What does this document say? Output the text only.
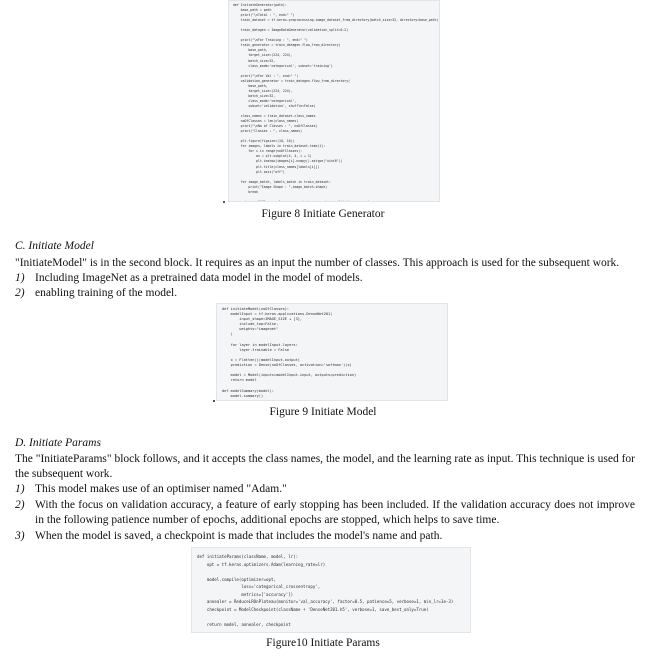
def InitiateGenerator(path):
base_path = path
print("\nTotal : ", end=" ")
train_dataset = tf.keras.preprocessing.image_dataset_from_directory(batch_size=32, directory=base_path)

train_datagen = ImageDataGenerator(validation_split=0.2)

print("\nFor Training : ", end=" ")
train_generator = train_datagen.flow_from_directory(
base_path,
target_size=(224, 224),
batch_size=32,
class_mode='categorical', subset='training')

print("\nFor Val : ", end=" ")
validation_generator = train_datagen.flow_from_directory(
base_path,
target_size=(224, 224),
batch_size=32,
class_mode='categorical',
subset='validation', shuffle=False)

class_names = train_dataset.class_names
noOfClasses = len(class_names)
print("\nNo of Classes : ", noOfClasses)
print("Classes : ", class_names)

plt.figure(figsize=(10, 10))
for images, labels in train_dataset.take(1):
for i in range(noOfClasses):
ax = plt.subplot(4, 4, i + 1)
plt.imshow(images[i].numpy().astype("uint8"))
plt.title(class_names[labels[i]])
plt.axis("off")

for image_batch, labels_batch in train_dataset:
print("Image Shape : ",image_batch.shape)
break

return noOfClasses,class_names, train_generator, validation_generator
Figure 8 Initiate Generator
C. Initiate Model
"InitiateModel" is in the second block. It requires as an input the number of classes. This approach is used for the subsequent work.
1) Including ImageNet as a pretrained data model in the model of models.
2) enabling training of the model.
def initiateModel(noOfClasses):
modelInput = tf.keras.applications.DenseNet201(
input_shape=IMAGE_SIZE + [3],
include_top=False,
weights="imagenet"
)

for layer in modelInput.layers:
layer.trainable = False

x = Flatten()(modelInput.output)
prediction = Dense(noOfClasses, activation='softmax')(x)

model = Model(inputs=modelInput.input, outputs=prediction)
return model

def modelSummary(model):
model.summary()
Figure 9 Initiate Model
D. Initiate Params
The "InitiateParams" block follows, and it accepts the class names, the model, and the learning rate as input. This technique is used for the subsequent work.
1) This model makes use of an optimiser named "Adam."
2) With the focus on validation accuracy, a feature of early stopping has been included. If the validation accuracy does not improve in the following patience number of epochs, additional epochs are stopped, which helps to save time.
3) When the model is saved, a checkpoint is made that includes the model's name and path.
def initiateParams(className, model, lr):
opt = tf.keras.optimizers.Adam(learning_rate=lr)

model.compile(optimizer=opt,
loss='categorical_crossentropy',
metrics=['accuracy'])
annealer = ReduceLROnPlateau(monitor='val_accuracy', factor=0.5, patience=5, verbose=1, min_lr=1e-3)
checkpoint = ModelCheckpoint(className + 'DenseNet201.h5', verbose=1, save_best_only=True)

return model, annealer, checkpoint
Figure10 Initiate Params
